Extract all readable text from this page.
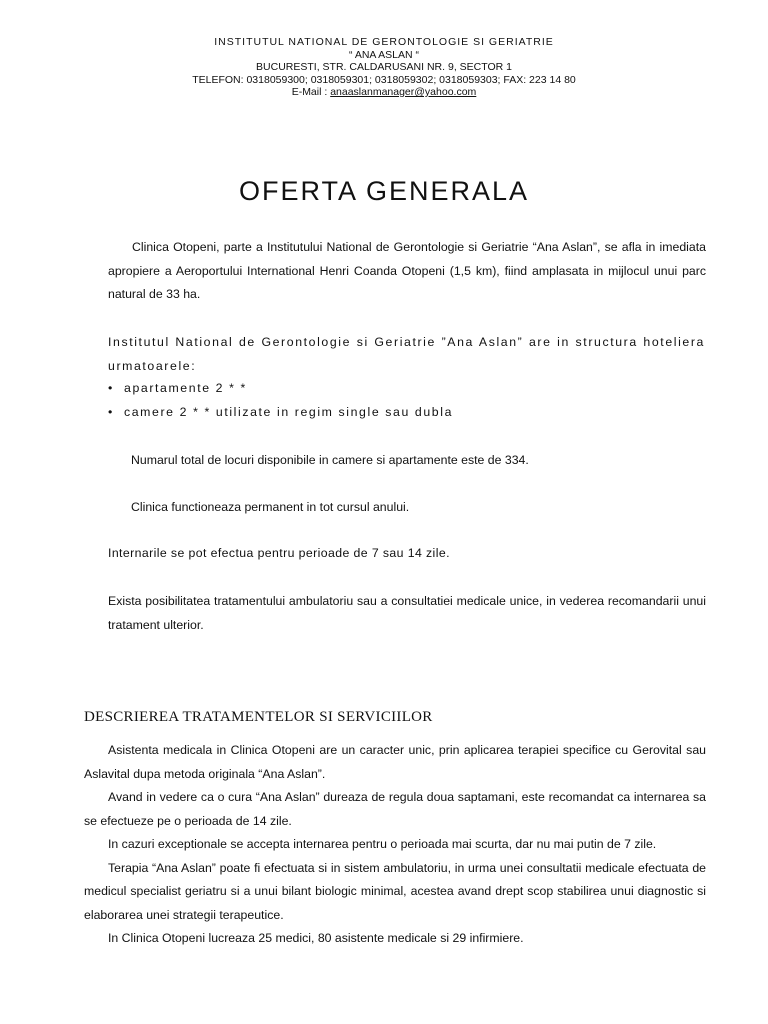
INSTITUTUL NATIONAL DE GERONTOLOGIE SI GERIATRIE
“ ANA ASLAN “
BUCURESTI, STR. CALDARUSANI NR. 9, SECTOR 1
TELEFON: 0318059300; 0318059301; 0318059302; 0318059303; FAX: 223 14 80
E-Mail : anaaslanmanager@yahoo.com
OFERTA GENERALA
Clinica Otopeni, parte a Institutului National de Gerontologie si Geriatrie “Ana Aslan”, se afla in imediata apropiere a Aeroportului International Henri Coanda Otopeni (1,5 km), fiind amplasata in mijlocul unui parc natural de 33 ha.
Institutul National de Gerontologie si Geriatrie ”Ana Aslan” are in structura hoteliera urmatoarele:
• apartamente 2 * *
• camere 2 * * utilizate in regim single sau dubla
Numarul total de locuri disponibile in camere si apartamente este de 334.
Clinica functioneaza permanent in tot cursul anului.
Internarile se pot efectua pentru perioade de 7 sau 14 zile.
Exista posibilitatea tratamentului ambulatoriu sau a consultatiei medicale unice, in vederea recomandarii unui tratament ulterior.
DESCRIEREA TRATAMENTELOR SI SERVICIILOR

Asistenta medicala in Clinica Otopeni are un caracter unic, prin aplicarea terapiei specifice cu Gerovital sau Aslavital dupa metoda originala “Ana Aslan”.

Avand in vedere ca o cura “Ana Aslan” dureaza de regula doua saptamani, este recomandat ca internarea sa se efectueze pe o perioada de 14 zile.

In cazuri exceptionale se accepta internarea pentru o perioada mai scurta, dar nu mai putin de 7 zile.

Terapia “Ana Aslan” poate fi efectuata si in sistem ambulatoriu, in urma unei consultatii medicale efectuata de medicul specialist geriatru si a unui bilant biologic minimal, acestea avand drept scop stabilirea unui diagnostic si elaborarea unei strategii terapeutice.

In Clinica Otopeni lucreaza 25 medici, 80 asistente medicale si 29 infirmiere.
